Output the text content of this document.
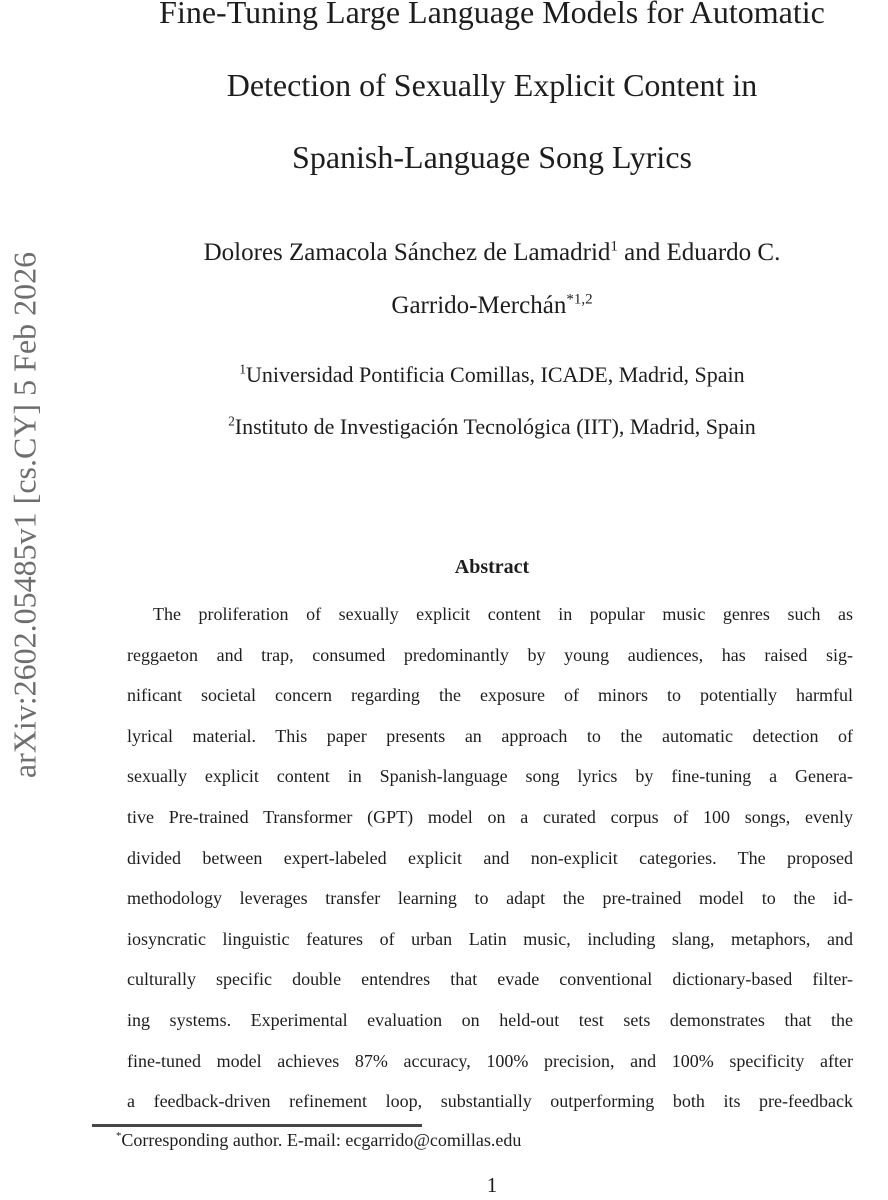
arXiv:2602.05485v1 [cs.CY] 5 Feb 2026
Fine-Tuning Large Language Models for Automatic
Detection of Sexually Explicit Content in
Spanish-Language Song Lyrics
Dolores Zamacola Sánchez de Lamadrid$^1$ and Eduardo C.
Garrido-Merchán$^{*1,2}$
$^1$Universidad Pontificia Comillas, ICADE, Madrid, Spain
$^2$Instituto de Investigación Tecnológica (IIT), Madrid, Spain
Abstract
The proliferation of sexually explicit content in popular music genres such as
reggaeton and trap, consumed predominantly by young audiences, has raised sig-
nificant societal concern regarding the exposure of minors to potentially harmful
lyrical material. This paper presents an approach to the automatic detection of
sexually explicit content in Spanish-language song lyrics by fine-tuning a Genera-
tive Pre-trained Transformer (GPT) model on a curated corpus of 100 songs, evenly
divided between expert-labeled explicit and non-explicit categories. The proposed
methodology leverages transfer learning to adapt the pre-trained model to the id-
iosyncratic linguistic features of urban Latin music, including slang, metaphors, and
culturally specific double entendres that evade conventional dictionary-based filter-
ing systems. Experimental evaluation on held-out test sets demonstrates that the
fine-tuned model achieves 87% accuracy, 100% precision, and 100% specificity after
a feedback-driven refinement loop, substantially outperforming both its pre-feedback
*Corresponding author. E-mail: ecgarrido@comillas.edu
1
